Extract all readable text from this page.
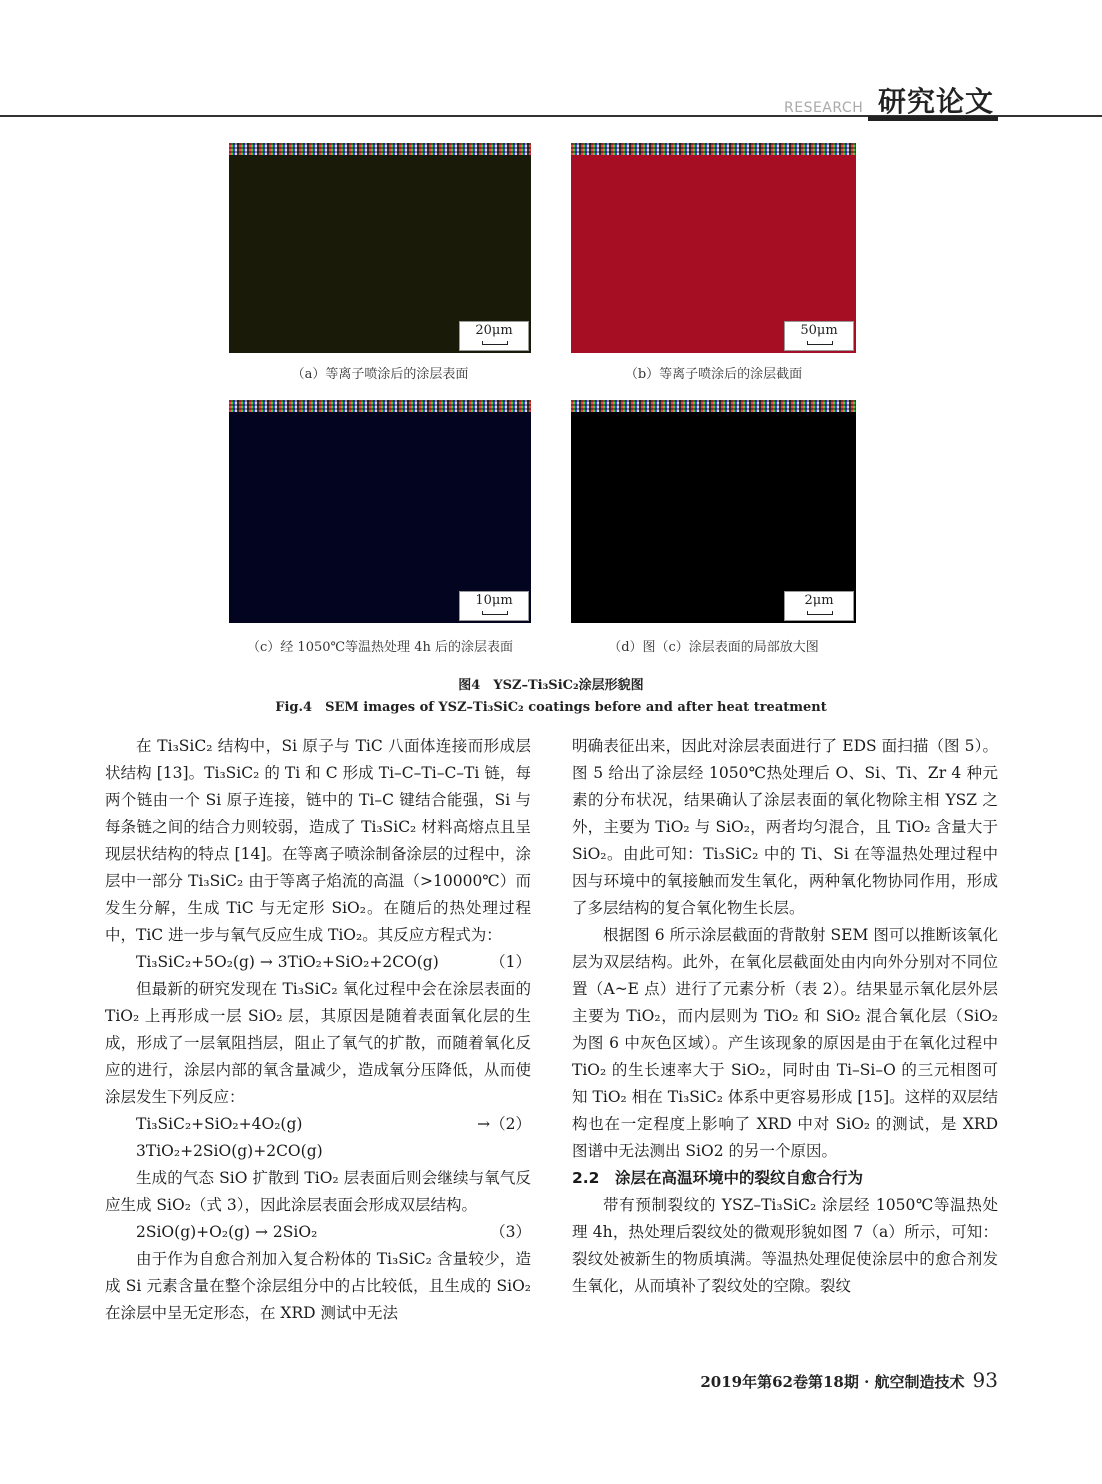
RESEARCH 研究论文
20μm
（a）等离子喷涂后的涂层表面
50μm
（b）等离子喷涂后的涂层截面
10μm
（c）经 1050℃等温热处理 4h 后的涂层表面
2μm
（d）图（c）涂层表面的局部放大图
图4　YSZ–Ti₃SiC₂涂层形貌图
Fig.4　SEM images of YSZ–Ti₃SiC₂ coatings before and after heat treatment

在 Ti₃SiC₂ 结构中，Si 原子与 TiC 八面体连接而形成层状结构 [13]。Ti₃SiC₂ 的 Ti 和 C 形成 Ti–C–Ti–C–Ti 链，每两个链由一个 Si 原子连接，链中的 Ti–C 键结合能强，Si 与每条链之间的结合力则较弱，造成了 Ti₃SiC₂ 材料高熔点且呈现层状结构的特点 [14]。在等离子喷涂制备涂层的过程中，涂层中一部分 Ti₃SiC₂ 由于等离子焰流的高温（>10000℃）而发生分解，生成 TiC 与无定形 SiO₂。在随后的热处理过程中，TiC 进一步与氧气反应生成 TiO₂。其反应方程式为：

Ti₃SiC₂+5O₂(g) → 3TiO₂+SiO₂+2CO(g)	（1）

但最新的研究发现在 Ti₃SiC₂ 氧化过程中会在涂层表面的 TiO₂ 上再形成一层 SiO₂ 层，其原因是随着表面氧化层的生成，形成了一层氧阻挡层，阻止了氧气的扩散，而随着氧化反应的进行，涂层内部的氧含量减少，造成氧分压降低，从而使涂层发生下列反应：

Ti₃SiC₂+SiO₂+4O₂(g) → 3TiO₂+2SiO(g)+2CO(g)
（2）

生成的气态 SiO 扩散到 TiO₂ 层表面后则会继续与氧气反应生成 SiO₂（式 3），因此涂层表面会形成双层结构。

2SiO(g)+O₂(g) → 2SiO₂	（3）

由于作为自愈合剂加入复合粉体的 Ti₃SiC₂ 含量较少，造成 Si 元素含量在整个涂层组分中的占比较低，且生成的 SiO₂ 在涂层中呈无定形态，在 XRD 测试中无法

明确表征出来，因此对涂层表面进行了 EDS 面扫描（图 5）。图 5 给出了涂层经 1050℃热处理后 O、Si、Ti、Zr 4 种元素的分布状况，结果确认了涂层表面的氧化物除主相 YSZ 之外，主要为 TiO₂ 与 SiO₂，两者均匀混合，且 TiO₂ 含量大于 SiO₂。由此可知：Ti₃SiC₂ 中的 Ti、Si 在等温热处理过程中因与环境中的氧接触而发生氧化，两种氧化物协同作用，形成了多层结构的复合氧化物生长层。

根据图 6 所示涂层截面的背散射 SEM 图可以推断该氧化层为双层结构。此外，在氧化层截面处由内向外分别对不同位置（A~E 点）进行了元素分析（表 2）。结果显示氧化层外层主要为 TiO₂，而内层则为 TiO₂ 和 SiO₂ 混合氧化层（SiO₂ 为图 6 中灰色区域）。产生该现象的原因是由于在氧化过程中 TiO₂ 的生长速率大于 SiO₂，同时由 Ti–Si–O 的三元相图可知 TiO₂ 相在 Ti₃SiC₂ 体系中更容易形成 [15]。这样的双层结构也在一定程度上影响了 XRD 中对 SiO₂ 的测试，是 XRD 图谱中无法测出 SiO2 的另一个原因。

2.2　涂层在高温环境中的裂纹自愈合行为

带有预制裂纹的 YSZ–Ti₃SiC₂ 涂层经 1050℃等温热处理 4h，热处理后裂纹处的微观形貌如图 7（a）所示，可知：裂纹处被新生的物质填满。等温热处理促使涂层中的愈合剂发生氧化，从而填补了裂纹处的空隙。裂纹

2019年第62卷第18期 · 航空制造技术 93
